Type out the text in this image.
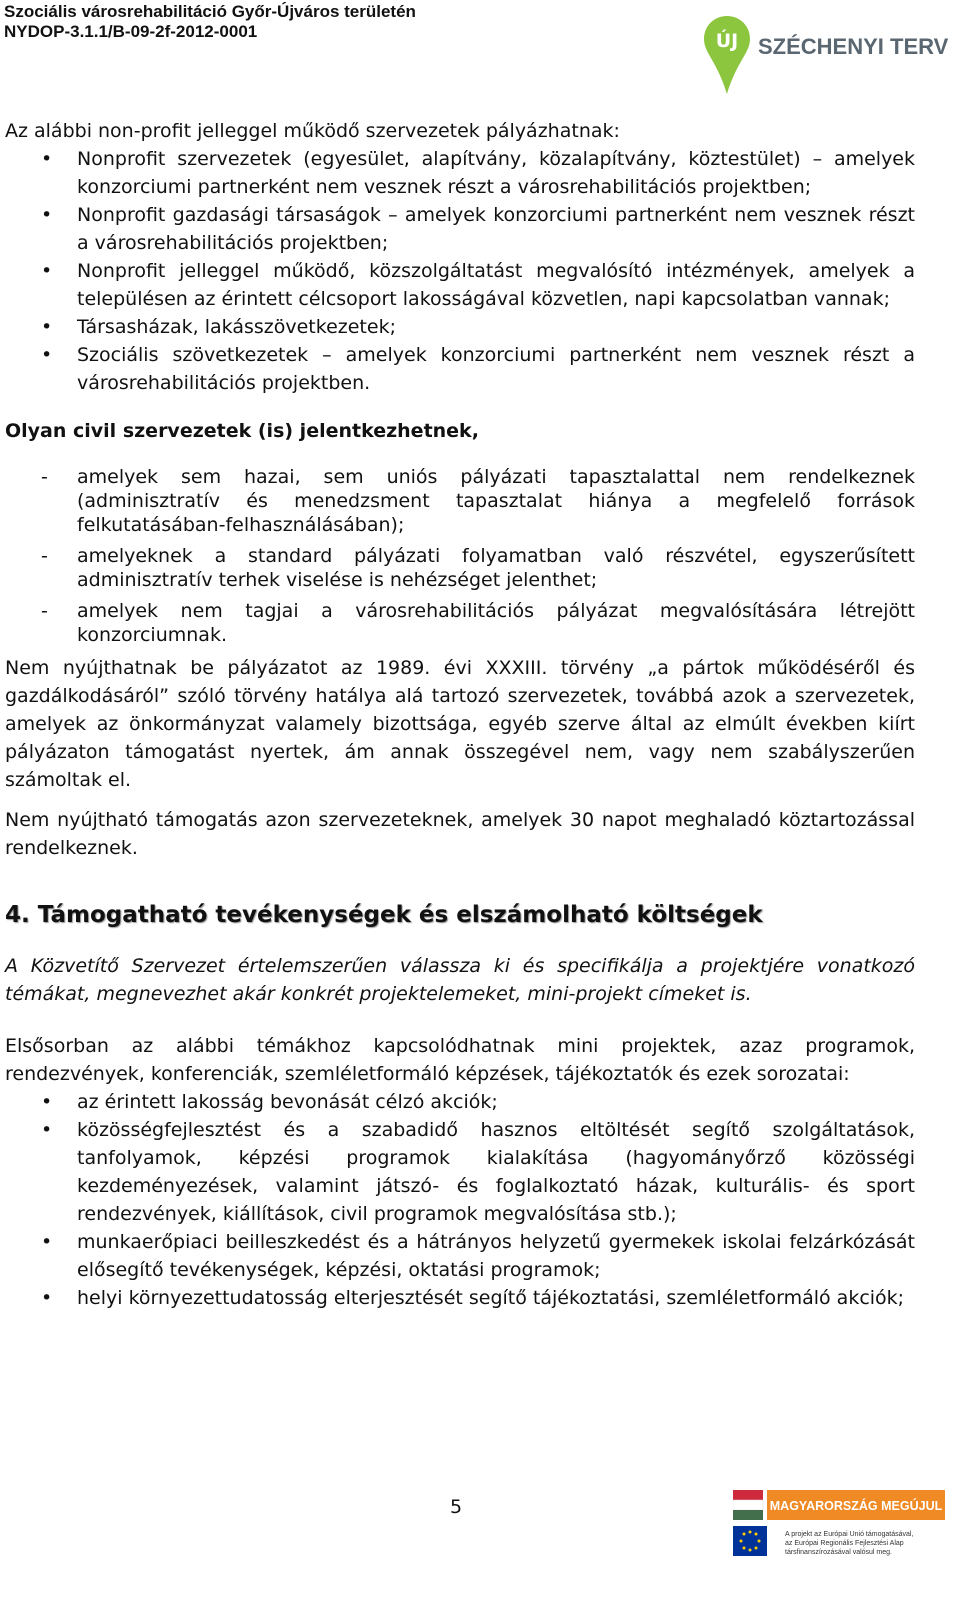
Szociális városrehabilitáció Győr-Újváros területén
NYDOP-3.1.1/B-09-2f-2012-0001	ÚJ SZÉCHENYI TERV

Az alábbi non-profit jelleggel működő szervezetek pályázhatnak:

• Nonprofit szervezetek (egyesület, alapítvány, közalapítvány, köztestület) – amelyek konzorciumi partnerként nem vesznek részt a városrehabilitációs projektben;
• Nonprofit gazdasági társaságok – amelyek konzorciumi partnerként nem vesznek részt a városrehabilitációs projektben;
• Nonprofit jelleggel működő, közszolgáltatást megvalósító intézmények, amelyek a településen az érintett célcsoport lakosságával közvetlen, napi kapcsolatban vannak;
• Társasházak, lakásszövetkezetek;
• Szociális szövetkezetek – amelyek konzorciumi partnerként nem vesznek részt a városrehabilitációs projektben.

Olyan civil szervezetek (is) jelentkezhetnek,

- amelyek sem hazai, sem uniós pályázati tapasztalattal nem rendelkeznek (adminisztratív és menedzsment tapasztalat hiánya a megfelelő források felkutatásában-felhasználásában);
- amelyeknek a standard pályázati folyamatban való részvétel, egyszerűsített adminisztratív terhek viselése is nehézséget jelenthet;
- amelyek nem tagjai a városrehabilitációs pályázat megvalósítására létrejött konzorciumnak.

Nem nyújthatnak be pályázatot az 1989. évi XXXIII. törvény „a pártok működéséről és gazdálkodásáról” szóló törvény hatálya alá tartozó szervezetek, továbbá azok a szervezetek, amelyek az önkormányzat valamely bizottsága, egyéb szerve által az elmúlt években kiírt pályázaton támogatást nyertek, ám annak összegével nem, vagy nem szabályszerűen számoltak el.

Nem nyújtható támogatás azon szervezeteknek, amelyek 30 napot meghaladó köztartozással rendelkeznek.

4. Támogatható tevékenységek és elszámolható költségek

A Közvetítő Szervezet értelemszerűen válassza ki és specifikálja a projektjére vonatkozó témákat, megnevezhet akár konkrét projektelemeket, mini-projekt címeket is.

Elsősorban az alábbi témákhoz kapcsolódhatnak mini projektek, azaz programok, rendezvények, konferenciák, szemléletformáló képzések, tájékoztatók és ezek sorozatai:

• az érintett lakosság bevonását célzó akciók;
• közösségfejlesztést és a szabadidő hasznos eltöltését segítő szolgáltatások, tanfolyamok, képzési programok kialakítása (hagyományőrző közösségi kezdeményezések, valamint játszó- és foglalkoztató házak, kulturális- és sport rendezvények, kiállítások, civil programok megvalósítása stb.);
• munkaerőpiaci beilleszkedést és a hátrányos helyzetű gyermekek iskolai felzárkózását elősegítő tevékenységek, képzési, oktatási programok;
• helyi környezettudatosság elterjesztését segítő tájékoztatási, szemléletformáló akciók;
5	MAGYARORSZÁG MEGÚJUL
A projekt az Európai Unió támogatásával,
az Európai Regionális Fejlesztési Alap
társfinanszírozásával valósul meg.
